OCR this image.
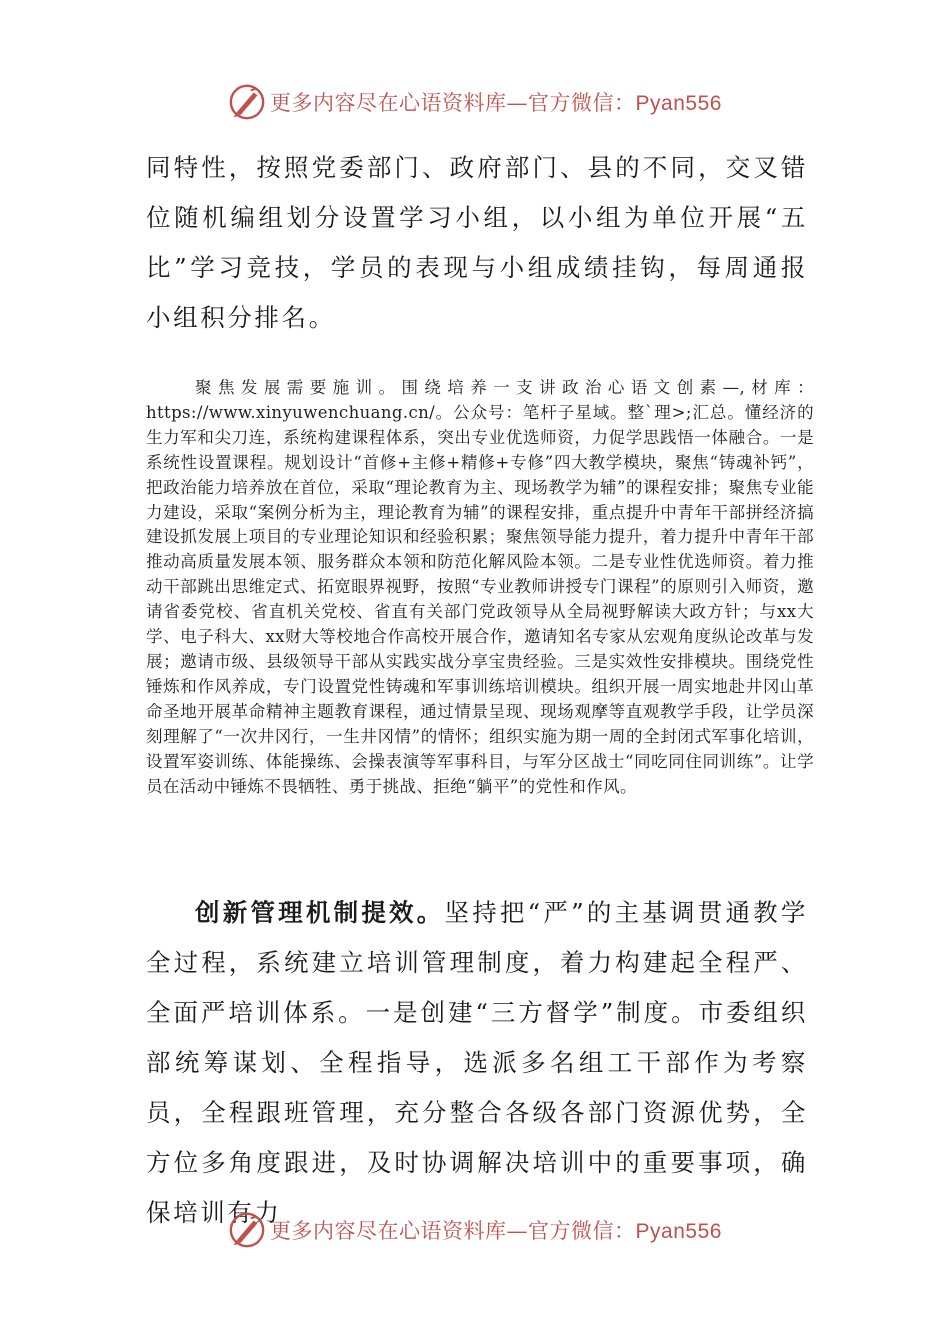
更多内容尽在心语资料库—官方微信：Pyan556

同特性，按照党委部门、政府部门、县的不同，交叉错位随机编组划分设置学习小组，以小组为单位开展“五比”学习竞技，学员的表现与小组成绩挂钩，每周通报小组积分排名。

聚焦发展需要施训。围绕培养一支讲政治心语文创素—,材库：https://www.xinyuwenchuang.cn/。公众号：笔杆子星域。整`理>;汇总。懂经济的生力军和尖刀连，系统构建课程体系，突出专业优选师资，力促学思践悟一体融合。一是系统性设置课程。规划设计“首修+主修+精修+专修”四大教学模块，聚焦“铸魂补钙”，把政治能力培养放在首位，采取“理论教育为主、现场教学为辅”的课程安排；聚焦专业能力建设，采取“案例分析为主，理论教育为辅”的课程安排，重点提升中青年干部拼经济搞建设抓发展上项目的专业理论知识和经验积累；聚焦领导能力提升，着力提升中青年干部推动高质量发展本领、服务群众本领和防范化解风险本领。二是专业性优选师资。着力推动干部跳出思维定式、拓宽眼界视野，按照“专业教师讲授专门课程”的原则引入师资，邀请省委党校、省直机关党校、省直有关部门党政领导从全局视野解读大政方针；与xx大学、电子科大、xx财大等校地合作高校开展合作，邀请知名专家从宏观角度纵论改革与发展；邀请市级、县级领导干部从实践实战分享宝贵经验。三是实效性安排模块。围绕党性锤炼和作风养成，专门设置党性铸魂和军事训练培训模块。组织开展一周实地赴井冈山革命圣地开展革命精神主题教育课程，通过情景呈现、现场观摩等直观教学手段，让学员深刻理解了“一次井冈行，一生井冈情”的情怀；组织实施为期一周的全封闭式军事化培训，设置军姿训练、体能操练、会操表演等军事科目，与军分区战士“同吃同住同训练”。让学员在活动中锤炼不畏牺牲、勇于挑战、拒绝“躺平”的党性和作风。

创新管理机制提效。坚持把“严”的主基调贯通教学全过程，系统建立培训管理制度，着力构建起全程严、全面严培训体系。一是创建“三方督学”制度。市委组织部统筹谋划、全程指导，选派多名组工干部作为考察员，全程跟班管理，充分整合各级各部门资源优势，全方位多角度跟进，及时协调解决培训中的重要事项，确保培训有力

更多内容尽在心语资料库—官方微信：Pyan556
